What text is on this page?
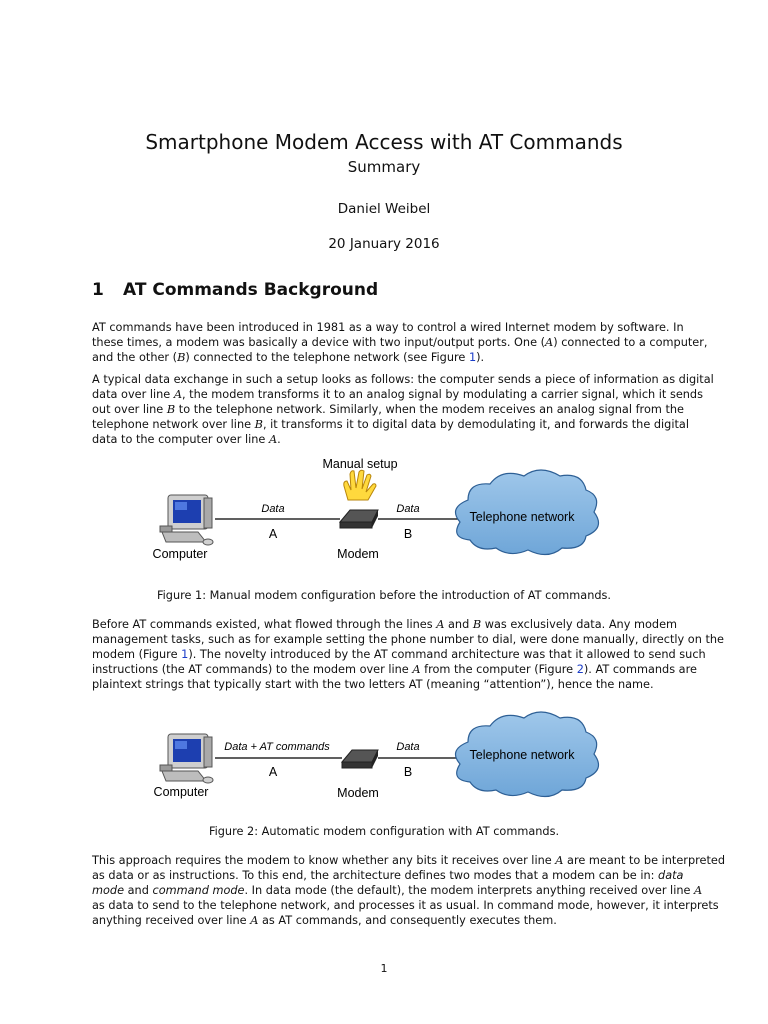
Smartphone Modem Access with AT Commands
Summary
Daniel Weibel
20 January 2016
1 AT Commands Background

AT commands have been introduced in 1981 as a way to control a wired Internet modem by software. In
these times, a modem was basically a device with two input/output ports. One (A) connected to a computer,
and the other (B) connected to the telephone network (see Figure 1).

A typical data exchange in such a setup looks as follows: the computer sends a piece of information as digital
data over line A, the modem transforms it to an analog signal by modulating a carrier signal, which it sends
out over line B to the telephone network. Similarly, when the modem receives an analog signal from the
telephone network over line B, it transforms it to digital data by demodulating it, and forwards the digital
data to the computer over line A.

Manual setup
Data	Data
A	B
Computer	Modem
Telephone network
Figure 1: Manual modem configuration before the introduction of AT commands.

Before AT commands existed, what flowed through the lines A and B was exclusively data. Any modem
management tasks, such as for example setting the phone number to dial, were done manually, directly on the
modem (Figure 1). The novelty introduced by the AT command architecture was that it allowed to send such
instructions (the AT commands) to the modem over line A from the computer (Figure 2). AT commands are
plaintext strings that typically start with the two letters AT (meaning “attention”), hence the name.

Data + AT commands	Data
A	B
Computer	Modem
Telephone network
Figure 2: Automatic modem configuration with AT commands.

This approach requires the modem to know whether any bits it receives over line A are meant to be interpreted
as data or as instructions. To this end, the architecture defines two modes that a modem can be in: data
mode and command mode. In data mode (the default), the modem interprets anything received over line A
as data to send to the telephone network, and processes it as usual. In command mode, however, it interprets
anything received over line A as AT commands, and consequently executes them.

1
